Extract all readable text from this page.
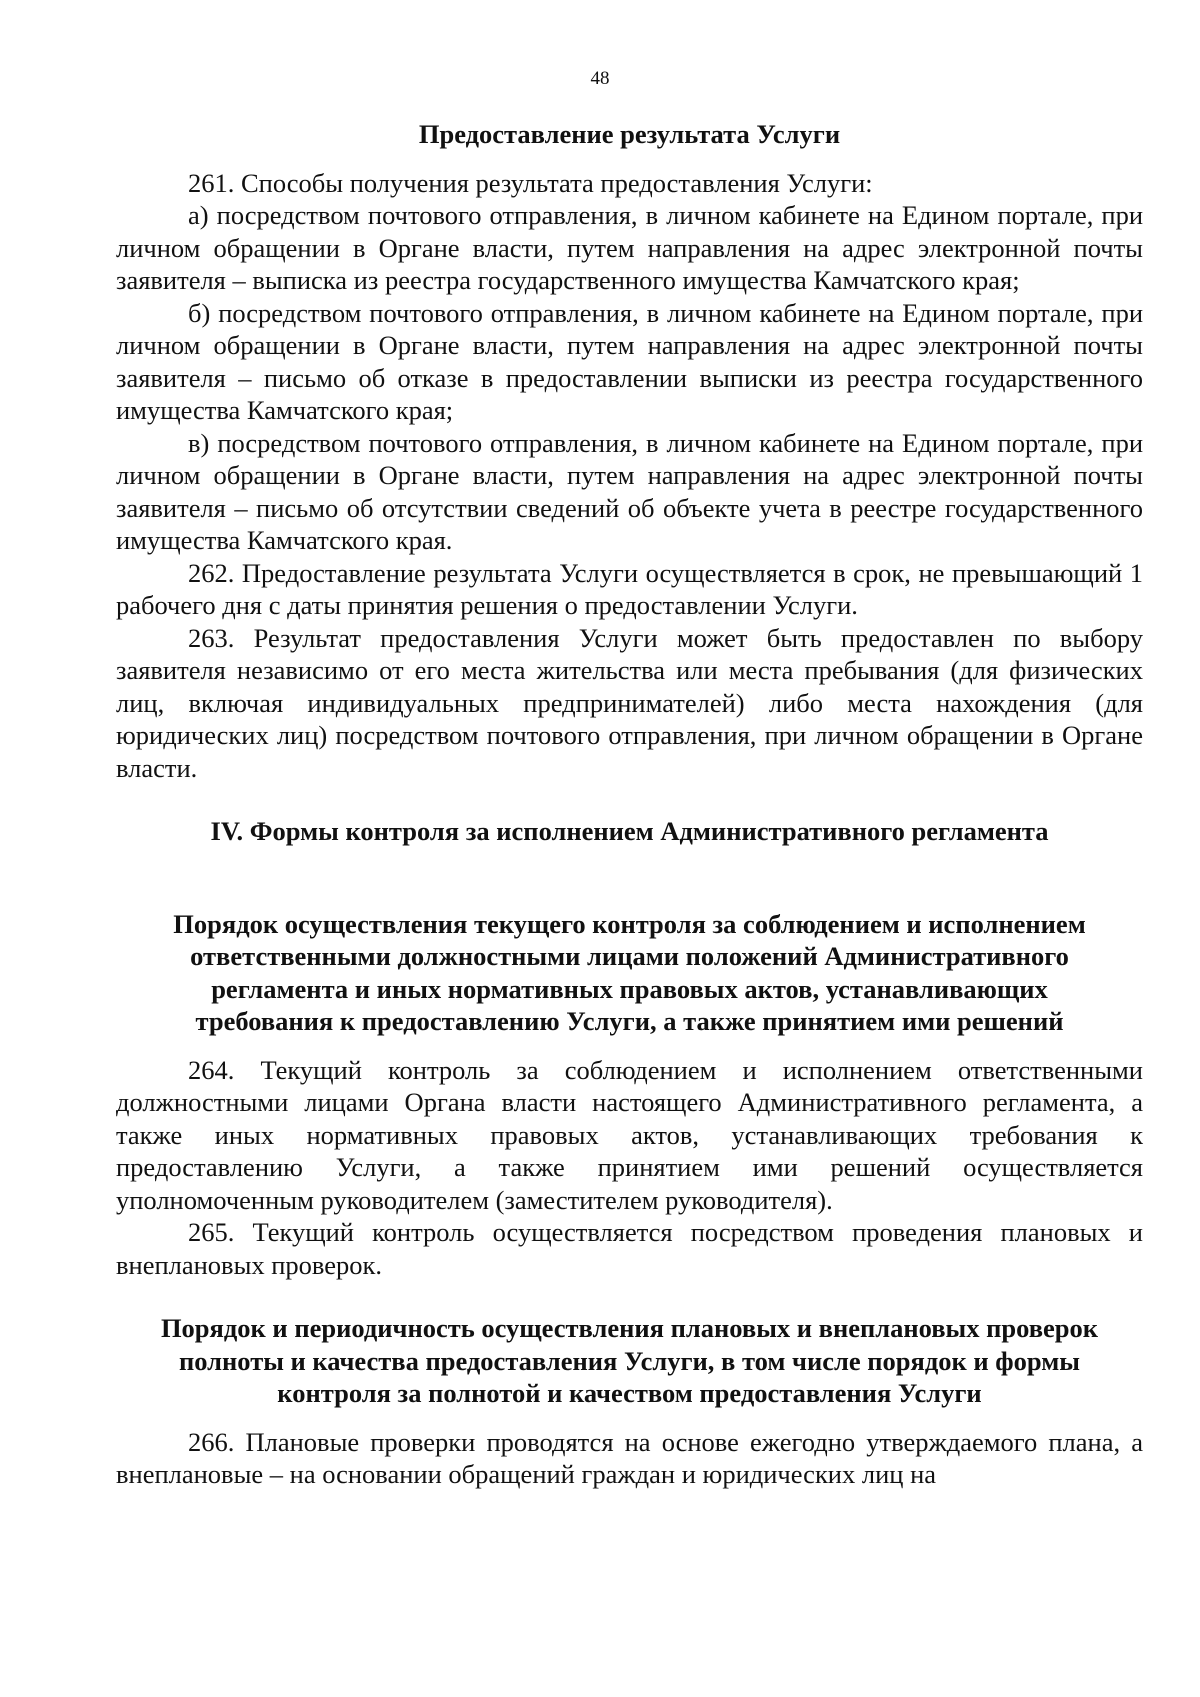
48

Предоставление результата Услуги

261. Способы получения результата предоставления Услуги:

а) посредством почтового отправления, в личном кабинете на Едином портале, при личном обращении в Органе власти, путем направления на адрес электронной почты заявителя – выписка из реестра государственного имущества Камчатского края;

б) посредством почтового отправления, в личном кабинете на Едином портале, при личном обращении в Органе власти, путем направления на адрес электронной почты заявителя – письмо об отказе в предоставлении выписки из реестра государственного имущества Камчатского края;

в) посредством почтового отправления, в личном кабинете на Едином портале, при личном обращении в Органе власти, путем направления на адрес электронной почты заявителя – письмо об отсутствии сведений об объекте учета в реестре государственного имущества Камчатского края.

262. Предоставление результата Услуги осуществляется в срок, не превышающий 1 рабочего дня с даты принятия решения о предоставлении Услуги.

263. Результат предоставления Услуги может быть предоставлен по выбору заявителя независимо от его места жительства или места пребывания (для физических лиц, включая индивидуальных предпринимателей) либо места нахождения (для юридических лиц) посредством почтового отправления, при личном обращении в Органе власти.

IV. Формы контроля за исполнением Административного регламента

Порядок осуществления текущего контроля за соблюдением и исполнением
ответственными должностными лицами положений Административного
регламента и иных нормативных правовых актов, устанавливающих
требования к предоставлению Услуги, а также принятием ими решений

264. Текущий контроль за соблюдением и исполнением ответственными должностными лицами Органа власти настоящего Административного регламента, а также иных нормативных правовых актов, устанавливающих требования к предоставлению Услуги, а также принятием ими решений осуществляется уполномоченным руководителем (заместителем руководителя).

265. Текущий контроль осуществляется посредством проведения плановых и внеплановых проверок.

Порядок и периодичность осуществления плановых и внеплановых проверок
полноты и качества предоставления Услуги, в том числе порядок и формы
контроля за полнотой и качеством предоставления Услуги

266. Плановые проверки проводятся на основе ежегодно утверждаемого плана, а внеплановые – на основании обращений граждан и юридических лиц на
